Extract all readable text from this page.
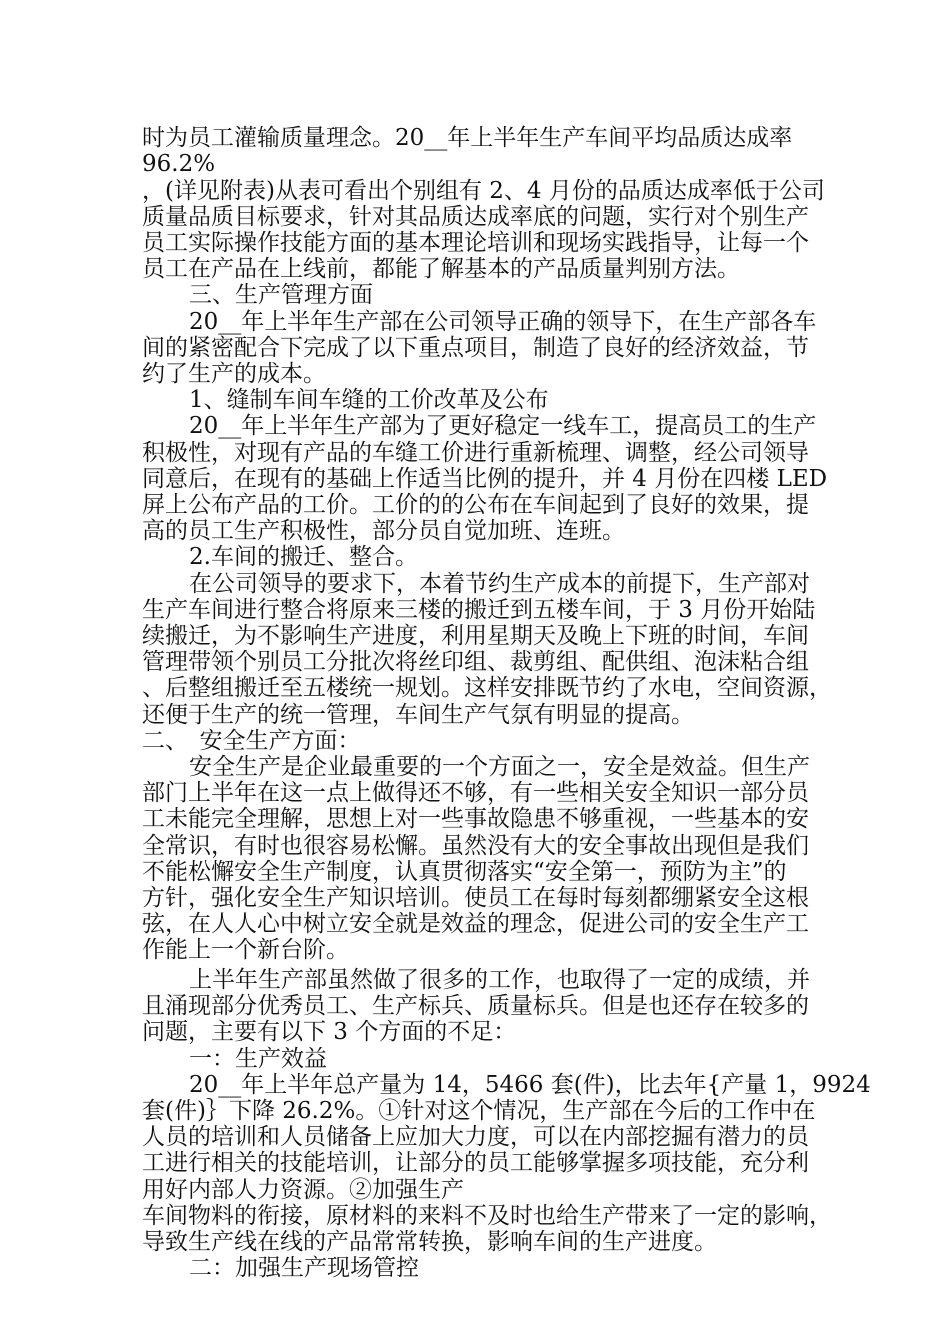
时为员工灌输质量理念。20__年上半年生产车间平均品质达成率
96.2%
，(详见附表)从表可看出个别组有 2、4 月份的品质达成率低于公司
质量品质目标要求，针对其品质达成率底的问题，实行对个别生产
员工实际操作技能方面的基本理论培训和现场实践指导，让每一个
员工在产品在上线前，都能了解基本的产品质量判别方法。
三、生产管理方面
20__年上半年生产部在公司领导正确的领导下，在生产部各车
间的紧密配合下完成了以下重点项目，制造了良好的经济效益，节
约了生产的成本。
1、缝制车间车缝的工价改革及公布
20__年上半年生产部为了更好稳定一线车工，提高员工的生产
积极性，对现有产品的车缝工价进行重新梳理、调整，经公司领导
同意后，在现有的基础上作适当比例的提升，并 4 月份在四楼 LED
屏上公布产品的工价。工价的的公布在车间起到了良好的效果，提
高的员工生产积极性，部分员自觉加班、连班。
2.车间的搬迁、整合。
在公司领导的要求下，本着节约生产成本的前提下，生产部对
生产车间进行整合将原来三楼的搬迁到五楼车间，于 3 月份开始陆
续搬迁，为不影响生产进度，利用星期天及晚上下班的时间，车间
管理带领个别员工分批次将丝印组、裁剪组、配供组、泡沫粘合组
、后整组搬迁至五楼统一规划。这样安排既节约了水电，空间资源，
还便于生产的统一管理，车间生产气氛有明显的提高。
二、　安全生产方面：
安全生产是企业最重要的一个方面之一，安全是效益。但生产
部门上半年在这一点上做得还不够，有一些相关安全知识一部分员
工未能完全理解，思想上对一些事故隐患不够重视，一些基本的安
全常识，有时也很容易松懈。虽然没有大的安全事故出现但是我们
不能松懈安全生产制度，认真贯彻落实“安全第一，预防为主”的
方针，强化安全生产知识培训。使员工在每时每刻都绷紧安全这根
弦，在人人心中树立安全就是效益的理念，促进公司的安全生产工
作能上一个新台阶。
上半年生产部虽然做了很多的工作，也取得了一定的成绩，并
且涌现部分优秀员工、生产标兵、质量标兵。但是也还存在较多的
问题，主要有以下 3 个方面的不足：
一：生产效益
20__年上半年总产量为 14，5466 套(件)，比去年{产量 1，9924
套(件)｝下降 26.2%。①针对这个情况，生产部在今后的工作中在
人员的培训和人员储备上应加大力度，可以在内部挖掘有潜力的员
工进行相关的技能培训，让部分的员工能够掌握多项技能，充分利
用好内部人力资源。②加强生产
车间物料的衔接，原材料的来料不及时也给生产带来了一定的影响，
导致生产线在线的产品常常转换，影响车间的生产进度。
二：加强生产现场管控
